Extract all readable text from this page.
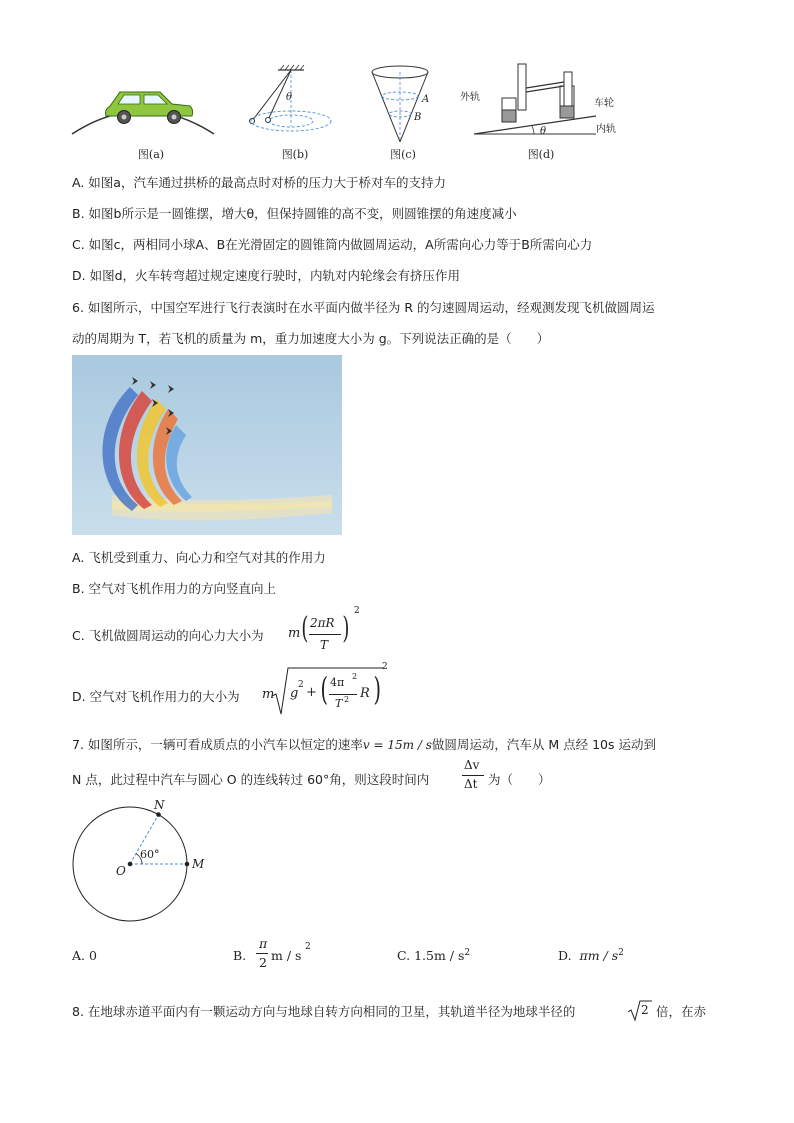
图(a)
θ
图(b)
A
B
图(c)
θ
外轨
车轮
内轨
图(d)
A. 如图a，汽车通过拱桥的最高点时对桥的压力大于桥对车的支持力
B. 如图b所示是一圆锥摆，增大θ，但保持圆锥的高不变，则圆锥摆的角速度减小
C. 如图c，两相同小球A、B在光滑固定的圆锥筒内做圆周运动，A所需向心力等于B所需向心力
D. 如图d，火车转弯超过规定速度行驶时，内轨对内轮缘会有挤压作用
6. 如图所示，中国空军进行飞行表演时在水平面内做半径为 R 的匀速圆周运动，经观测发现飞机做圆周运
动的周期为 T，若飞机的质量为 m，重力加速度大小为 g。下列说法正确的是（　　）
A. 飞机受到重力、向心力和空气对其的作用力
B. 空气对飞机作用力的方向竖直向上
C. 飞机做圆周运动的向心力大小为 m ( 2πR
T ) 2
D. 空气对飞机作用力的大小为 m g
2 + ( 4π 2
T 2 R )
2
7. 如图所示，一辆可看成质点的小汽车以恒定的速率v = 15m / s做圆周运动，汽车从 M 点经 10s 运动到
N 点，此过程中汽车与圆心 O 的连线转过 60°角，则这段时间内
Δv
Δt 为（　　）
N
O	M
60°
A. 0	B.
π
2 m / s
2
C. $1.5m / s^2$	D. πm / $s^2$
8. 在地球赤道平面内有一颗运动方向与地球自转方向相同的卫星，其轨道半径为地球半径的	2 倍，在赤
